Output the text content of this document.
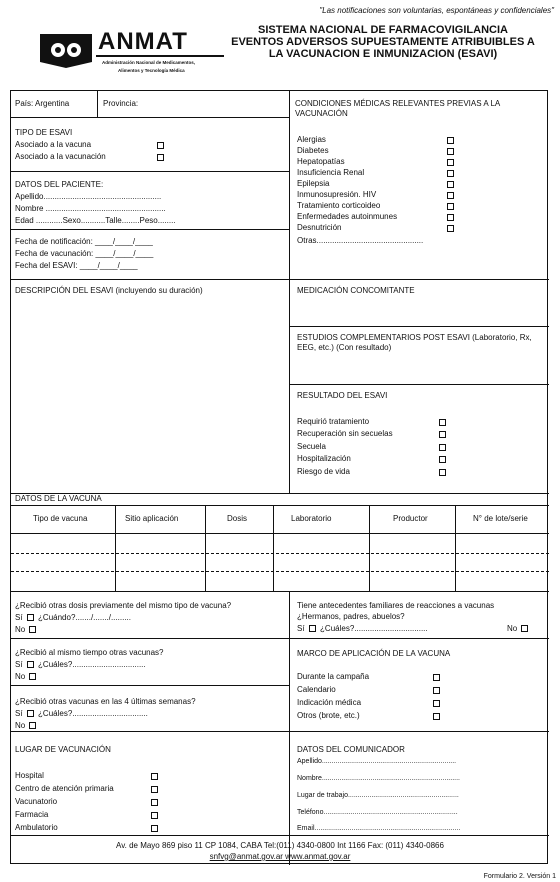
"Las notificaciones son voluntarias, espontáneas y confidenciales"
ANMAT
Administración Nacional de Medicamentos,
Alimentos y Tecnología Médica
SISTEMA NACIONAL DE FARMACOVIGILANCIA
EVENTOS ADVERSOS SUPUESTAMENTE ATRIBUIBLES A
LA VACUNACION E INMUNIZACION (ESAVI)
País: Argentina	Provincia:
TIPO DE ESAVI
Asociado a la vacuna
Asociado a la vacunación
DATOS DEL PACIENTE:
Apellido.....................................................
Nombre ......................................................
Edad ............Sexo...........Talle........Peso........
Fecha de notificación: ____/____/____
Fecha de vacunación: ____/____/____
Fecha del ESAVI: ____/____/____
DESCRIPCIÓN DEL ESAVI (incluyendo su duración)
CONDICIONES MÉDICAS RELEVANTES PREVIAS A LA VACUNACIÓN
Alergias
Diabetes
Hepatopatías
Insuficiencia Renal
Epilepsia
Inmunosupresión. HIV
Tratamiento corticoideo
Enfermedades autoinmunes
Desnutrición
Otras................................................
MEDICACIÓN CONCOMITANTE
ESTUDIOS COMPLEMENTARIOS POST ESAVI (Laboratorio, Rx, EEG, etc.) (Con resultado)
RESULTADO DEL ESAVI
Requirió tratamiento
Recuperación sin secuelas
Secuela
Hospitalización
Riesgo de vida
DATOS DE LA VACUNA
Tipo de vacuna	Sitio aplicación	Dosis	Laboratorio	Productor	N° de lote/serie
¿Recibió otras dosis previamente del mismo tipo de vacuna?
Sí ¿Cuándo?......./......./.........
No
¿Recibió al mismo tiempo otras vacunas?
Sí ¿Cuáles?.................................
No
¿Recibió otras vacunas en las 4 últimas semanas?
Sí ¿Cuáles?..................................
No
Tiene antecedentes familiares de reacciones a vacunas
¿Hermanos, padres, abuelos?
Sí ¿Cuáles?.................................	No
MARCO DE APLICACIÓN DE LA VACUNA
Durante la campaña
Calendario
Indicación médica
Otros (brote, etc.)
LUGAR DE VACUNACIÓN
Hospital
Centro de atención primaria
Vacunatorio
Farmacia
Ambulatorio
DATOS DEL COMUNICADOR
Apellido.....................................................................
Nombre.......................................................................
Lugar de trabajo.........................................................
Teléfono.....................................................................
Email...........................................................................
Av. de Mayo 869 piso 11 CP 1084, CABA Tel:(011) 4340-0800 Int 1166 Fax: (011) 4340-0866
snfvg@anmat.gov.ar www.anmat.gov.ar
Formulario 2. Versión 1
